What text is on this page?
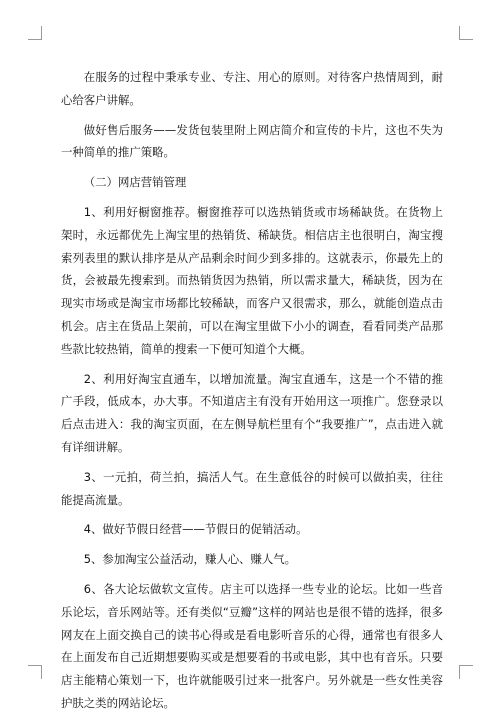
在服务的过程中秉承专业、专注、用心的原则。对待客户热情周到，耐心给客户讲解。

做好售后服务——发货包装里附上网店简介和宣传的卡片，这也不失为一种简单的推广策略。

（二）网店营销管理

1、利用好橱窗推荐。橱窗推荐可以选热销货或市场稀缺货。在货物上架时，永远都优先上淘宝里的热销货、稀缺货。相信店主也很明白，淘宝搜索列表里的默认排序是从产品剩余时间少到多排的。这就表示，你最先上的货，会被最先搜索到。而热销货因为热销，所以需求量大，稀缺货，因为在现实市场或是淘宝市场都比较稀缺，而客户又很需求，那么，就能创造点击机会。店主在货品上架前，可以在淘宝里做下小小的调查，看看同类产品那些款比较热销，简单的搜索一下便可知道个大概。

2、利用好淘宝直通车，以增加流量。淘宝直通车，这是一个不错的推广手段，低成本，办大事。不知道店主有没有开始用这一项推广。您登录以后点击进入：我的淘宝页面，在左侧导航栏里有个“我要推广”，点击进入就有详细讲解。

3、一元拍，荷兰拍，搞活人气。在生意低谷的时候可以做拍卖，往往能提高流量。

4、做好节假日经营——节假日的促销活动。

5、参加淘宝公益活动，赚人心、赚人气。

6、各大论坛做软文宣传。店主可以选择一些专业的论坛。比如一些音乐论坛，音乐网站等。还有类似“豆瓣”这样的网站也是很不错的选择，很多网友在上面交换自己的读书心得或是看电影听音乐的心得，通常也有很多人在上面发布自己近期想要购买或是想要看的书或电影，其中也有音乐。只要店主能精心策划一下，也许就能吸引过来一批客户。另外就是一些女性美容护肤之类的网站论坛。
